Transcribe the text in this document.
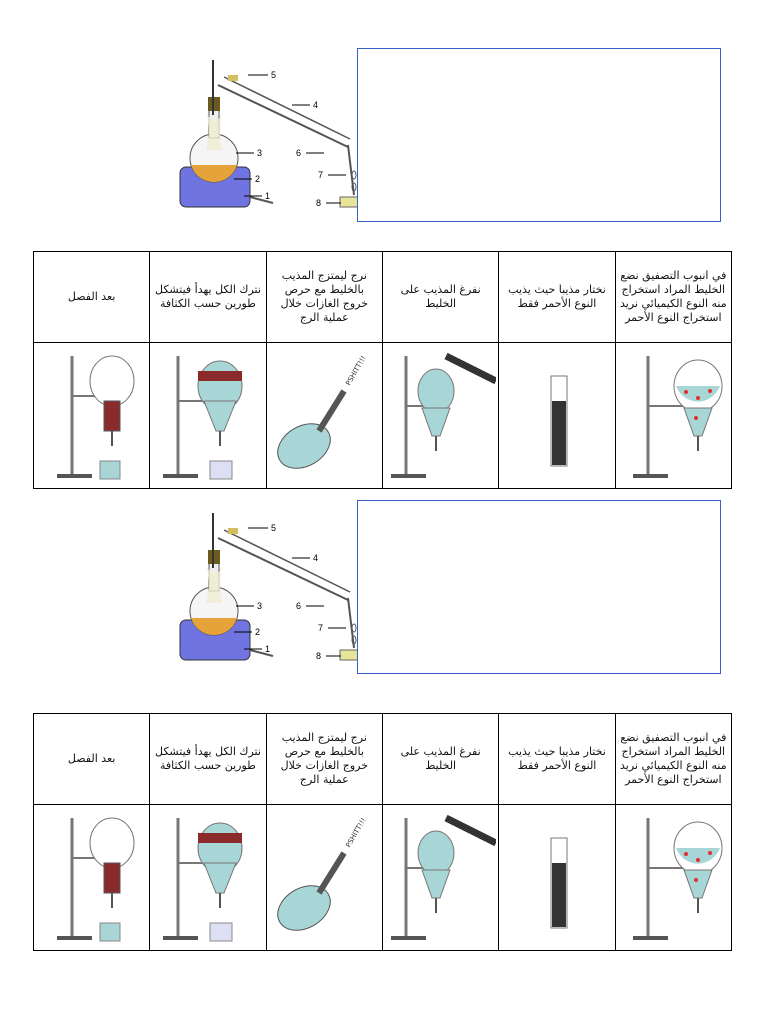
1
2
3
4
5
6
7
8
بعد الفصل	نترك الكل يهدأ فيتشكل طورين حسب الكثافة	نرج ليمتزج المذيب بالخليط مع حرص خروج الغازات خلال عملية الرج	نفرغ المذيب على الخليط	نختار مذيبا حيث يذيب النوع الأحمر فقط	في انبوب التصفيق نضع الخليط المراد استخراج منه النوع الكيميائي نريد استخراج النوع الأحمر

PSHITT!!!

1
2
3
4
5
6
7
8
بعد الفصل	نترك الكل يهدأ فيتشكل طورين حسب الكثافة	نرج ليمتزج المذيب بالخليط مع حرص خروج الغازات خلال عملية الرج	نفرغ المذيب على الخليط	نختار مذيبا حيث يذيب النوع الأحمر فقط	في انبوب التصفيق نضع الخليط المراد استخراج منه النوع الكيميائي نريد استخراج النوع الأحمر

PSHITT!!!
